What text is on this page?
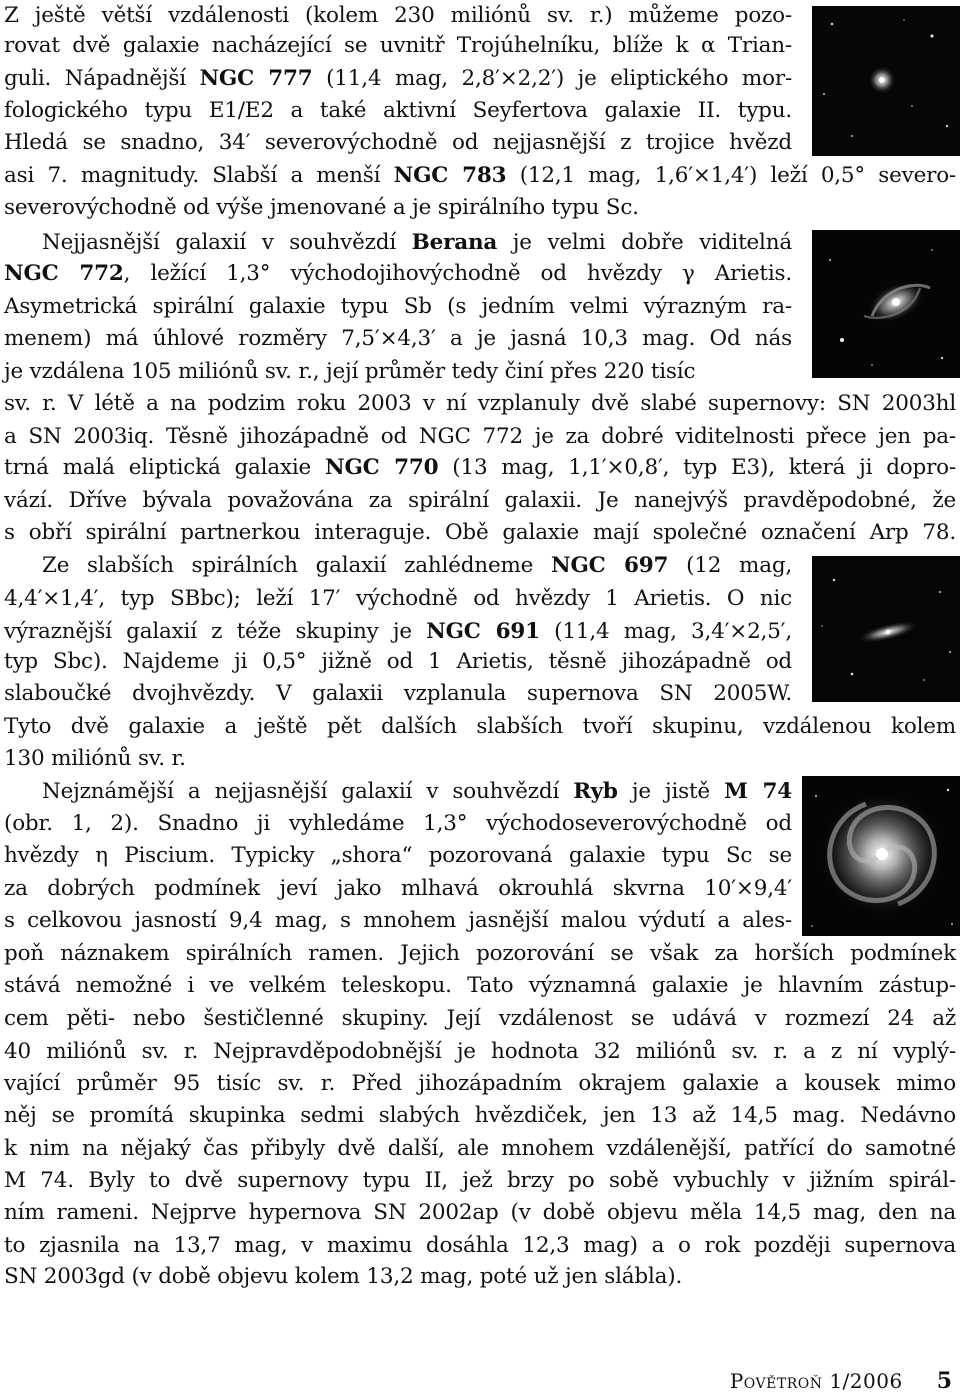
Z ještě větší vzdálenosti (kolem 230 miliónů sv. r.) můžeme pozo-
rovat dvě galaxie nacházející se uvnitř Trojúhelníku, blíže k α Trian-
guli. Nápadnější NGC 777 (11,4 mag, 2,8′×2,2′) je eliptického mor-
fologického typu E1/E2 a také aktivní Seyfertova galaxie II. typu.
Hledá se snadno, 34′ severovýchodně od nejjasnější z trojice hvězd
asi 7. magnitudy. Slabší a menší NGC 783 (12,1 mag, 1,6′×1,4′) leží 0,5° severo-
severovýchodně od výše jmenované a je spirálního typu Sc.
Nejjasnější galaxií v souhvězdí Berana je velmi dobře viditelná
NGC 772, ležící 1,3° východojihovýchodně od hvězdy γ Arietis.
Asymetrická spirální galaxie typu Sb (s jedním velmi výrazným ra-
menem) má úhlové rozměry 7,5′×4,3′ a je jasná 10,3 mag. Od nás
je vzdálena 105 miliónů sv. r., její průměr tedy činí přes 220 tisíc
sv. r. V létě a na podzim roku 2003 v ní vzplanuly dvě slabé supernovy: SN 2003hl
a SN 2003iq. Těsně jihozápadně od NGC 772 je za dobré viditelnosti přece jen pa-
trná malá eliptická galaxie NGC 770 (13 mag, 1,1′×0,8′, typ E3), která ji dopro-
vází. Dříve bývala považována za spirální galaxii. Je nanejvýš pravděpodobné, že
s obří spirální partnerkou interaguje. Obě galaxie mají společné označení Arp 78.
Ze slabších spirálních galaxií zahlédneme NGC 697 (12 mag,
4,4′×1,4′, typ SBbc); leží 17′ východně od hvězdy 1 Arietis. O nic
výraznější galaxií z téže skupiny je NGC 691 (11,4 mag, 3,4′×2,5′,
typ Sbc). Najdeme ji 0,5° jižně od 1 Arietis, těsně jihozápadně od
slaboučké dvojhvězdy. V galaxii vzplanula supernova SN 2005W.
Tyto dvě galaxie a ještě pět dalších slabších tvoří skupinu, vzdálenou kolem
130 miliónů sv. r.
Nejznámější a nejjasnější galaxií v souhvězdí Ryb je jistě M 74
(obr. 1, 2). Snadno ji vyhledáme 1,3° východoseverovýchodně od
hvězdy η Piscium. Typicky „shora“ pozorovaná galaxie typu Sc se
za dobrých podmínek jeví jako mlhavá okrouhlá skvrna 10′×9,4′
s celkovou jasností 9,4 mag, s mnohem jasnější malou výdutí a ales-
poň náznakem spirálních ramen. Jejich pozorování se však za horších podmínek
stává nemožné i ve velkém teleskopu. Tato významná galaxie je hlavním zástup-
cem pěti- nebo šestičlenné skupiny. Její vzdálenost se udává v rozmezí 24 až
40 miliónů sv. r. Nejpravděpodobnější je hodnota 32 miliónů sv. r. a z ní vyplý-
vající průměr 95 tisíc sv. r. Před jihozápadním okrajem galaxie a kousek mimo
něj se promítá skupinka sedmi slabých hvězdiček, jen 13 až 14,5 mag. Nedávno
k nim na nějaký čas přibyly dvě další, ale mnohem vzdálenější, patřící do samotné
M 74. Byly to dvě supernovy typu II, jež brzy po sobě vybuchly v jižním spirál-
ním rameni. Nejprve hypernova SN 2002ap (v době objevu měla 14,5 mag, den na
to zjasnila na 13,7 mag, v maximu dosáhla 12,3 mag) a o rok později supernova
SN 2003gd (v době objevu kolem 13,2 mag, poté už jen slábla).
Povětroň 1/2006 5
